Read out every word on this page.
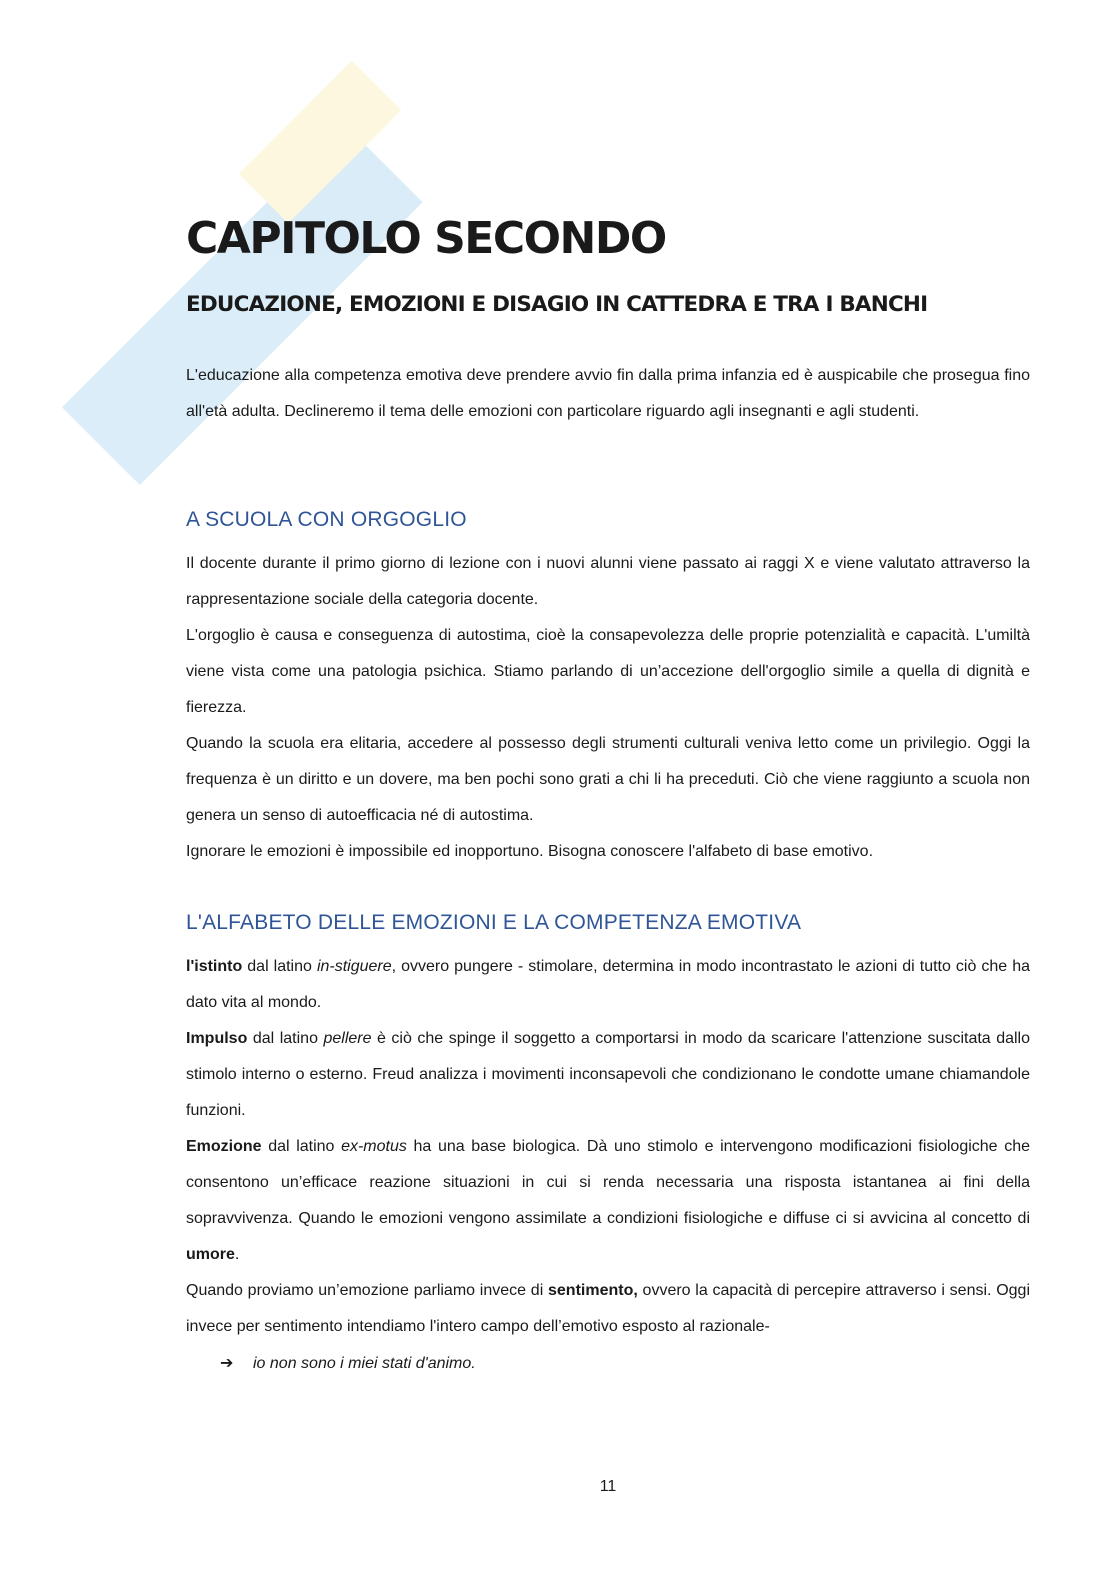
CAPITOLO SECONDO
EDUCAZIONE, EMOZIONI E DISAGIO IN CATTEDRA E TRA I BANCHI

L'educazione alla competenza emotiva deve prendere avvio fin dalla prima infanzia ed è auspicabile che prosegua fino all'età adulta. Declineremo il tema delle emozioni con particolare riguardo agli insegnanti e agli studenti.

A SCUOLA CON ORGOGLIO

Il docente durante il primo giorno di lezione con i nuovi alunni viene passato ai raggi X e viene valutato attraverso la rappresentazione sociale della categoria docente.

L'orgoglio è causa e conseguenza di autostima, cioè la consapevolezza delle proprie potenzialità e capacità. L'umiltà viene vista come una patologia psichica. Stiamo parlando di un’accezione dell'orgoglio simile a quella di dignità e fierezza.

Quando la scuola era elitaria, accedere al possesso degli strumenti culturali veniva letto come un privilegio. Oggi la frequenza è un diritto e un dovere, ma ben pochi sono grati a chi li ha preceduti. Ciò che viene raggiunto a scuola non genera un senso di autoefficacia né di autostima.

Ignorare le emozioni è impossibile ed inopportuno. Bisogna conoscere l'alfabeto di base emotivo.

L'ALFABETO DELLE EMOZIONI E LA COMPETENZA EMOTIVA

l'istinto dal latino in-stiguere, ovvero pungere - stimolare, determina in modo incontrastato le azioni di tutto ciò che ha dato vita al mondo.

Impulso dal latino pellere è ciò che spinge il soggetto a comportarsi in modo da scaricare l'attenzione suscitata dallo stimolo interno o esterno. Freud analizza i movimenti inconsapevoli che condizionano le condotte umane chiamandole funzioni.

Emozione dal latino ex-motus ha una base biologica. Dà uno stimolo e intervengono modificazioni fisiologiche che consentono un’efficace reazione situazioni in cui si renda necessaria una risposta istantanea ai fini della sopravvivenza. Quando le emozioni vengono assimilate a condizioni fisiologiche e diffuse ci si avvicina al concetto di umore.

Quando proviamo un’emozione parliamo invece di sentimento, ovvero la capacità di percepire attraverso i sensi. Oggi invece per sentimento intendiamo l'intero campo dell’emotivo esposto al razionale-

➔ io non sono i miei stati d'animo.
11
